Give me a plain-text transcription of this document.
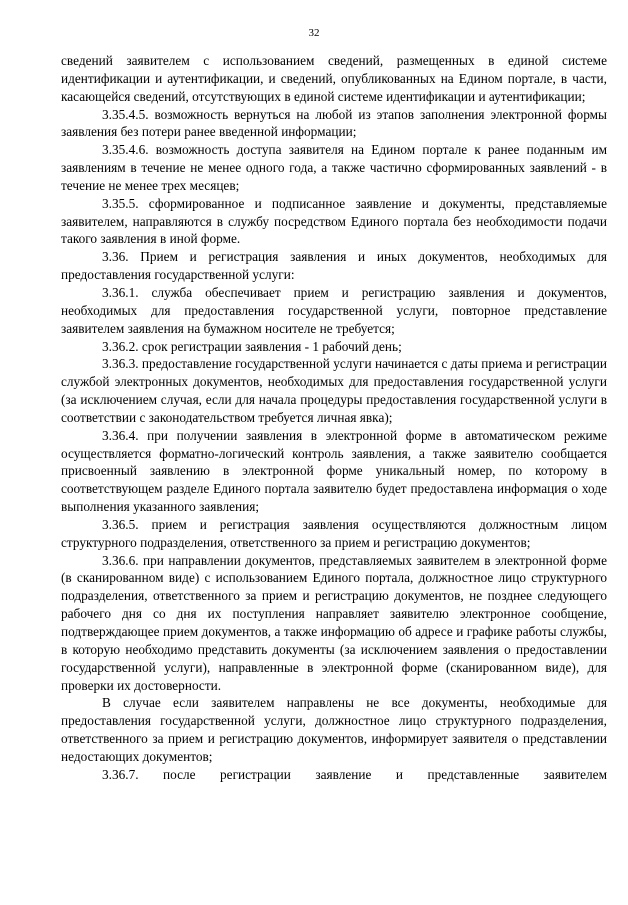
32

сведений заявителем с использованием сведений, размещенных в единой системе идентификации и аутентификации, и сведений, опубликованных на Едином портале, в части, касающейся сведений, отсутствующих в единой системе идентификации и аутентификации;

3.35.4.5. возможность вернуться на любой из этапов заполнения электронной формы заявления без потери ранее введенной информации;

3.35.4.6. возможность доступа заявителя на Едином портале к ранее поданным им заявлениям в течение не менее одного года, а также частично сформированных заявлений - в течение не менее трех месяцев;

3.35.5. сформированное и подписанное заявление и документы, представляемые заявителем, направляются в службу посредством Единого портала без необходимости подачи такого заявления в иной форме.

3.36. Прием и регистрация заявления и иных документов, необходимых для предоставления государственной услуги:

3.36.1. служба обеспечивает прием и регистрацию заявления и документов, необходимых для предоставления государственной услуги, повторное представление заявителем заявления на бумажном носителе не требуется;

3.36.2. срок регистрации заявления - 1 рабочий день;

3.36.3. предоставление государственной услуги начинается с даты приема и регистрации службой электронных документов, необходимых для предоставления государственной услуги (за исключением случая, если для начала процедуры предоставления государственной услуги в соответствии с законодательством требуется личная явка);

3.36.4. при получении заявления в электронной форме в автоматическом режиме осуществляется форматно-логический контроль заявления, а также заявителю сообщается присвоенный заявлению в электронной форме уникальный номер, по которому в соответствующем разделе Единого портала заявителю будет предоставлена информация о ходе выполнения указанного заявления;

3.36.5. прием и регистрация заявления осуществляются должностным лицом структурного подразделения, ответственного за прием и регистрацию документов;

3.36.6. при направлении документов, представляемых заявителем в электронной форме (в сканированном виде) с использованием Единого портала, должностное лицо структурного подразделения, ответственного за прием и регистрацию документов, не позднее следующего рабочего дня со дня их поступления направляет заявителю электронное сообщение, подтверждающее прием документов, а также информацию об адресе и графике работы службы, в которую необходимо представить документы (за исключением заявления о предоставлении государственной услуги), направленные в электронной форме (сканированном виде), для проверки их достоверности.

В случае если заявителем направлены не все документы, необходимые для предоставления государственной услуги, должностное лицо структурного подразделения, ответственного за прием и регистрацию документов, информирует заявителя о представлении недостающих документов;

3.36.7. после регистрации заявление и представленные заявителем
